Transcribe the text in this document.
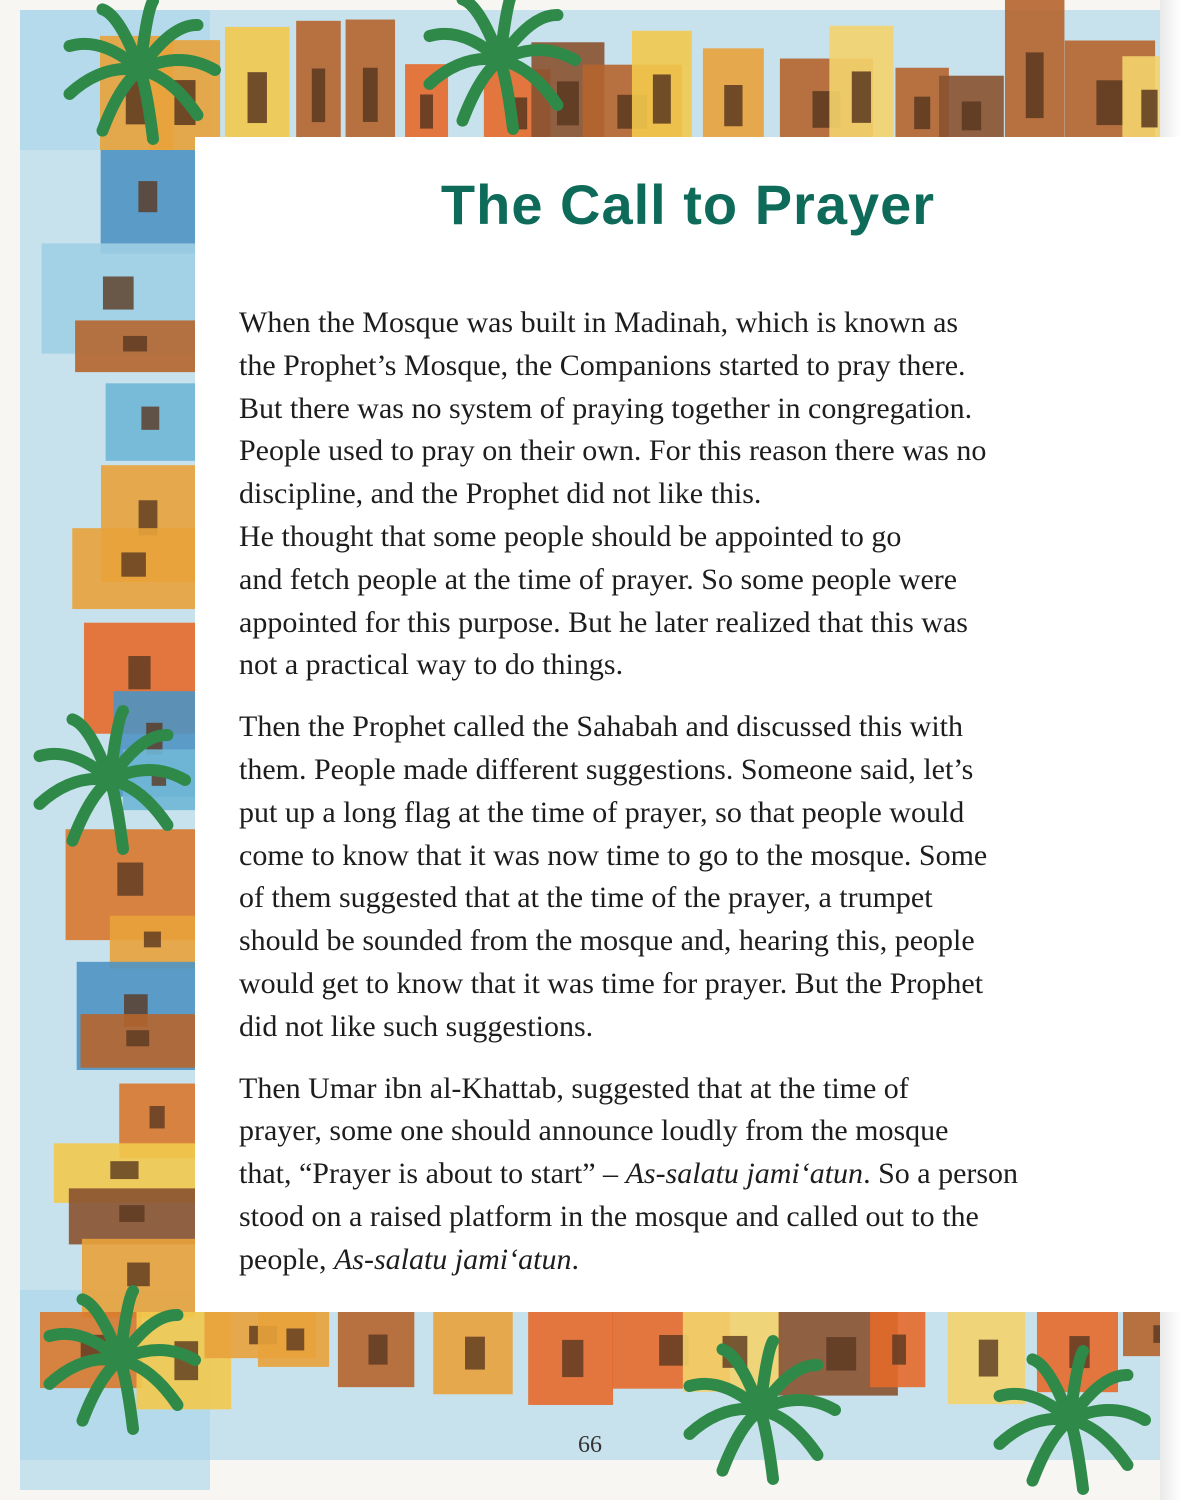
The Call to Prayer
When the Mosque was built in Madinah, which is known as
the Prophet’s Mosque, the Companions started to pray there.
But there was no system of praying together in congregation.
People used to pray on their own. For this reason there was no
discipline, and the Prophet did not like this.
He thought that some people should be appointed to go
and fetch people at the time of prayer. So some people were
appointed for this purpose. But he later realized that this was
not a practical way to do things.
Then the Prophet called the Sahabah and discussed this with
them. People made different suggestions. Someone said, let’s
put up a long flag at the time of prayer, so that people would
come to know that it was now time to go to the mosque. Some
of them suggested that at the time of the prayer, a trumpet
should be sounded from the mosque and, hearing this, people
would get to know that it was time for prayer. But the Prophet
did not like such suggestions.
Then Umar ibn al-Khattab, suggested that at the time of
prayer, some one should announce loudly from the mosque
that, “Prayer is about to start” – As-salatu jami‘atun. So a person
stood on a raised platform in the mosque and called out to the
people, As-salatu jami‘atun.
66
